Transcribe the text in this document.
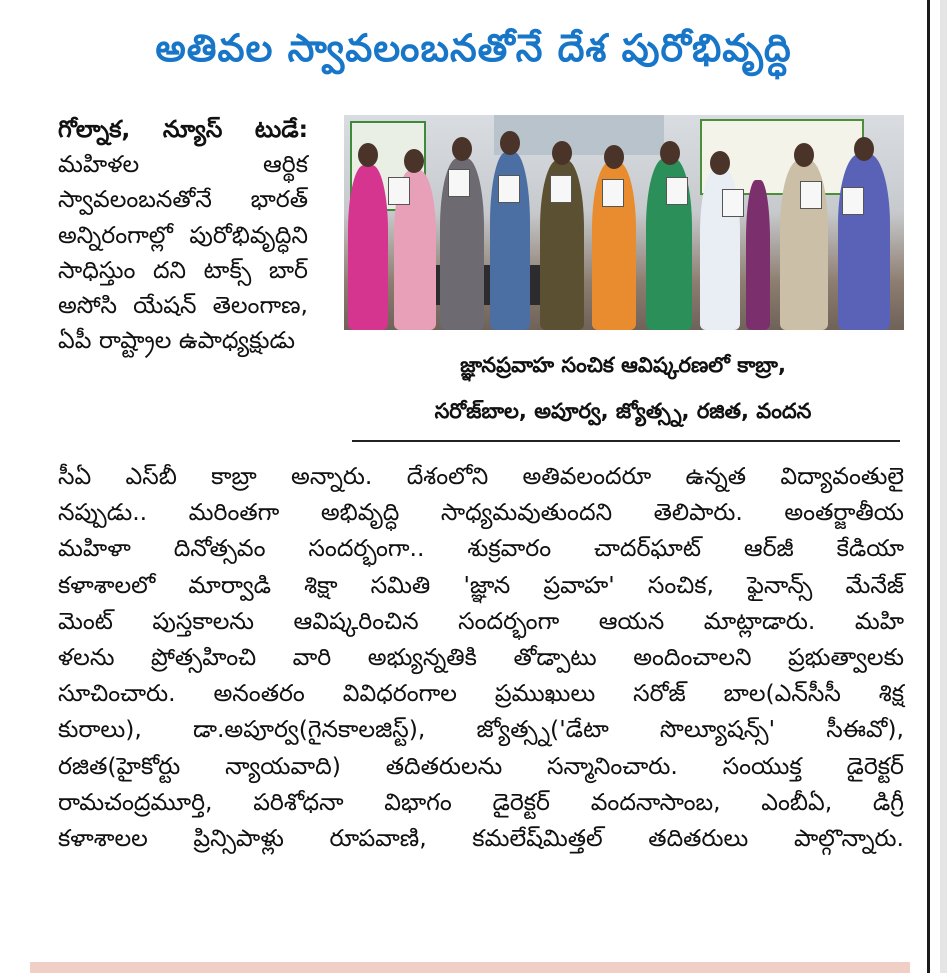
అతివల స్వావలంబనతోనే దేశ పురోభివృద్ధి
గోల్నాక, న్యూస్ టుడే: మహిళల ఆర్థిక స్వావలంబనతోనే భారత్ అన్నిరంగాల్లో పురోభివృద్ధిని సాధిస్తుం దని టాక్స్ బార్ అసోసి యేషన్ తెలంగాణ, ఏపీ రాష్ట్రాల ఉపాధ్యక్షుడు
జ్ఞానప్రవాహ సంచిక ఆవిష్కరణలో కాబ్రా,
సరోజ్‌బాల, అపూర్వ, జ్యోత్స్న, రజిత, వందన
సీఏ ఎస్‌బీ కాబ్రా అన్నారు. దేశంలోని అతివలందరూ ఉన్నత విద్యావంతులై
నప్పుడు.. మరింతగా అభివృద్ధి సాధ్యమవుతుందని తెలిపారు. అంతర్జాతీయ
మహిళా దినోత్సవం సందర్భంగా.. శుక్రవారం చాదర్‌ఘాట్ ఆర్‌జీ కేడియా
కళాశాలలో మార్వాడి శిక్షా సమితి 'జ్ఞాన ప్రవాహ' సంచిక, ఫైనాన్స్ మేనేజ్
మెంట్ పుస్తకాలను ఆవిష్కరించిన సందర్భంగా ఆయన మాట్లాడారు. మహి
ళలను ప్రోత్సహించి వారి అభ్యున్నతికి తోడ్పాటు అందించాలని ప్రభుత్వాలకు
సూచించారు. అనంతరం వివిధరంగాల ప్రముఖులు సరోజ్ బాల(ఎన్‌సీసీ శిక్ష
కురాలు), డా.అపూర్వ(గైనకాలజిస్ట్), జ్యోత్స్న('డేటా సొల్యూషన్స్' సీఈవో),
రజిత(హైకోర్టు న్యాయవాది) తదితరులను సన్మానించారు. సంయుక్త డైరెక్టర్
రామచంద్రమూర్తి, పరిశోధనా విభాగం డైరెక్టర్ వందనాసాంబ, ఎంబీఏ, డిగ్రీ
కళాశాలల ప్రిన్సిపాళ్లు రూపవాణి, కమలేష్‌మిత్తల్ తదితరులు పాల్గొన్నారు.
